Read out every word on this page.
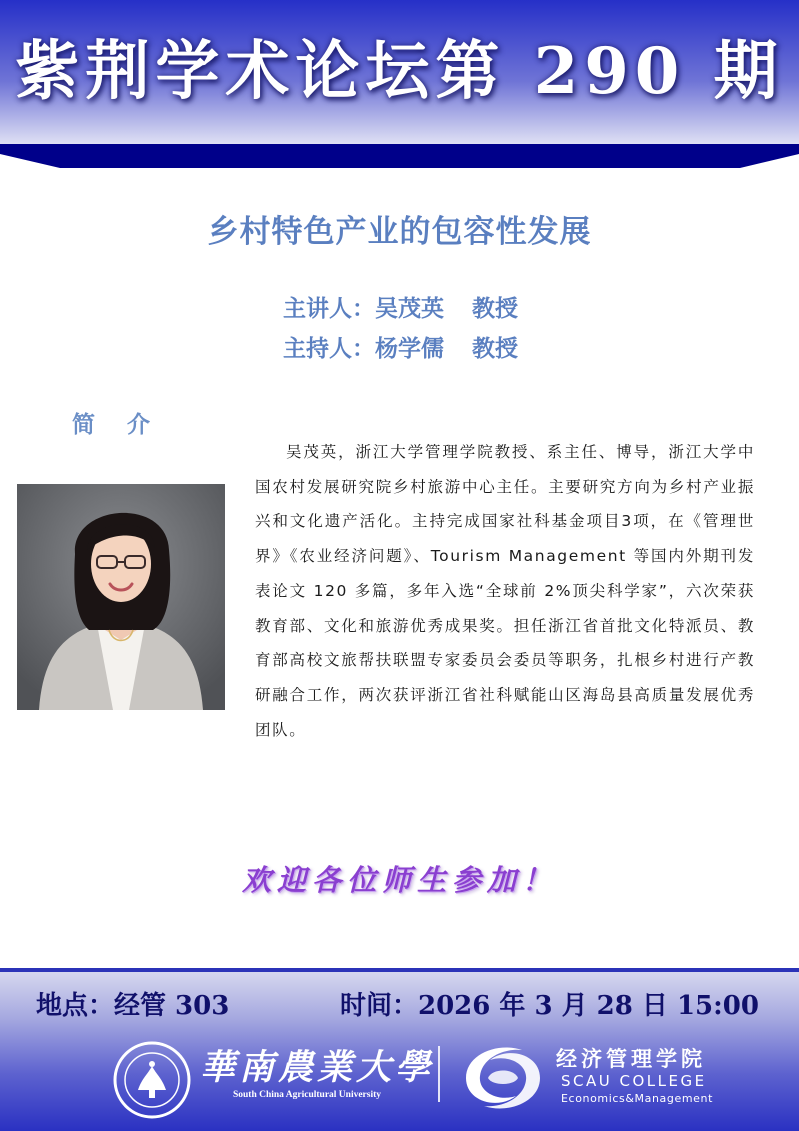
紫荆学术论坛第 290 期
乡村特色产业的包容性发展
主讲人：吴茂英 教授
主持人：杨学儒 教授
简 介

吴茂英，浙江大学管理学院教授、系主任、博导，浙江大学中国农村发展研究院乡村旅游中心主任。主要研究方向为乡村产业振兴和文化遗产活化。主持完成国家社科基金项目3项，在《管理世界》《农业经济问题》、Tourism Management 等国内外期刊发表论文 120 多篇，多年入选“全球前 2%顶尖科学家”，六次荣获教育部、文化和旅游优秀成果奖。担任浙江省首批文化特派员、教育部高校文旅帮扶联盟专家委员会委员等职务，扎根乡村进行产教研融合工作，两次获评浙江省社科赋能山区海岛县高质量发展优秀团队。

欢迎各位师生参加！
地点：经管 303	时间：2026 年 3 月 28 日 15:00
華南農業大學
South China Agricultural University
经济管理学院
SCAU COLLEGE
Economics&Management
